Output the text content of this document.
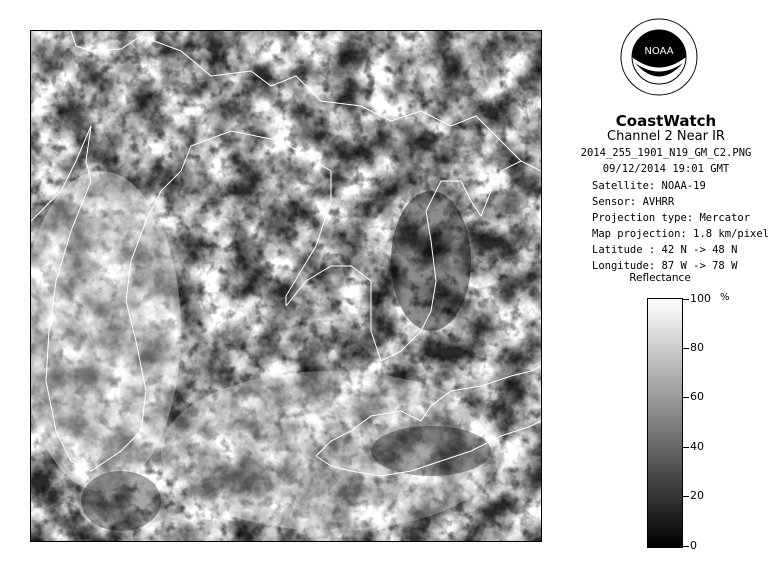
NOAA
CoastWatch
Channel 2 Near IR
2014_255_1901_N19_GM_C2.PNG
09/12/2014 19:01 GMT
Satellite: NOAA-19
Sensor: AVHRR
Projection type: Mercator
Map projection: 1.8 km/pixel
Latitude : 42 N -> 48 N
Longitude: 87 W -> 78 W
Reflectance
%
100
80
60
40
20
0
